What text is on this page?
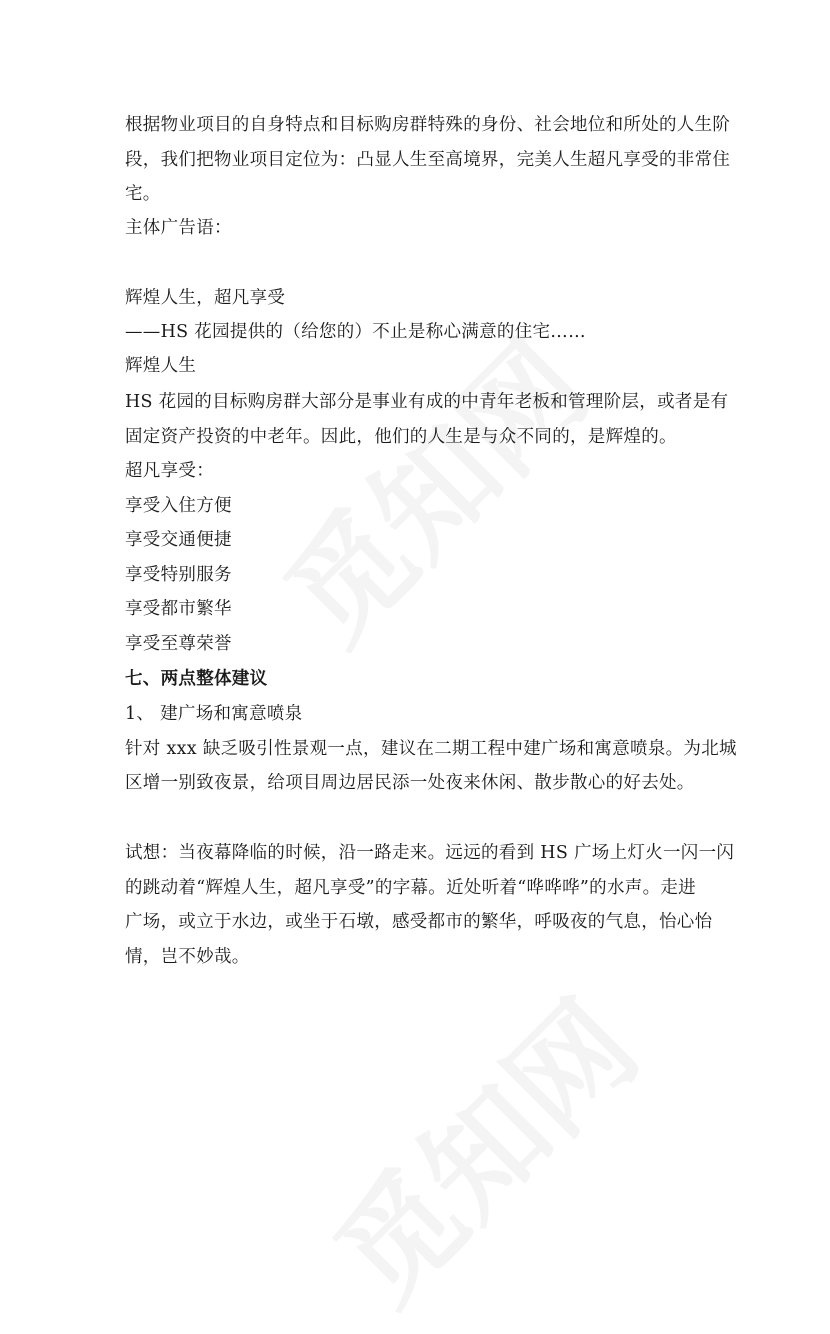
根据物业项目的自身特点和目标购房群特殊的身份、社会地位和所处的人生阶
段，我们把物业项目定位为：凸显人生至高境界，完美人生超凡享受的非常住
宅。
主体广告语：
辉煌人生，超凡享受
——HS 花园提供的（给您的）不止是称心满意的住宅……
辉煌人生
HS 花园的目标购房群大部分是事业有成的中青年老板和管理阶层，或者是有
固定资产投资的中老年。因此，他们的人生是与众不同的，是辉煌的。
超凡享受：
享受入住方便
享受交通便捷
享受特别服务
享受都市繁华
享受至尊荣誉
七、两点整体建议
1、 建广场和寓意喷泉
针对 xxx 缺乏吸引性景观一点，建议在二期工程中建广场和寓意喷泉。为北城
区增一别致夜景，给项目周边居民添一处夜来休闲、散步散心的好去处。
试想：当夜幕降临的时候，沿一路走来。远远的看到 HS 广场上灯火一闪一闪
的跳动着“辉煌人生，超凡享受”的字幕。近处听着“哗哗哗”的水声。走进
广场，或立于水边，或坐于石墩，感受都市的繁华，呼吸夜的气息，怡心怡
情，岂不妙哉。
